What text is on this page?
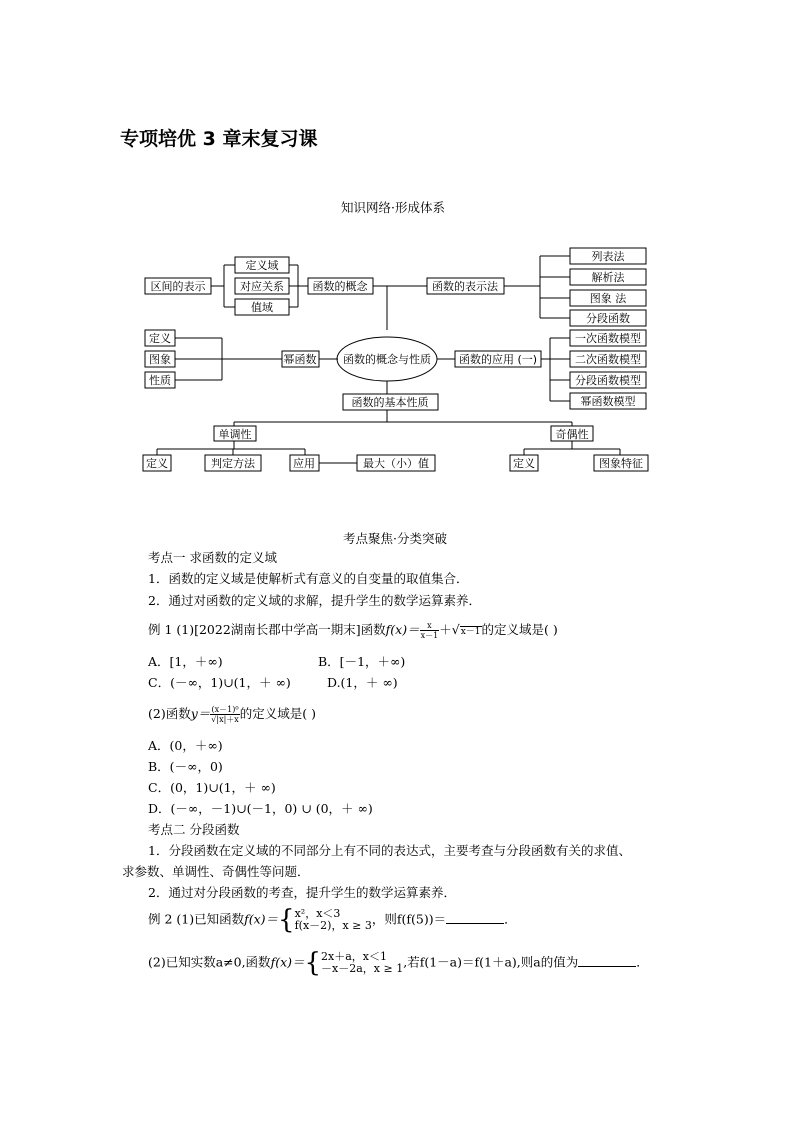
专项培优 3 章末复习课
知识网络·形成体系
区间的表示
定义域
对应关系
值域
函数的概念	函数的表示法
列表法
解析法
图象 法
分段函数
定义
图象
性质
幂函数 函数的概念与性质	函数的应用 (一)
一次函数模型
二次函数模型
分段函数模型
幂函数模型
函数的基本性质
单调性	奇偶性
定义	判定方法	应用	最大（小）值	定义	图象特征
考点聚焦·分类突破
考点一 求函数的定义域
1．函数的定义域是使解析式有意义的自变量的取值集合．
2．通过对函数的定义域的求解，提升学生的数学运算素养．
例 1 (1)[2022湖南长郡中学高一期末]函数$f(x)= \frac{x}{x-1} +√x-1$的定义域是( )
A．[1，＋∞)	B．[－1，＋∞)
C．(－∞，1)∪(1，＋ ∞)	D.(1，＋ ∞)
(2)函数$y= \frac{\text{(x－1)⁰}}{√|x|+x}$ 的定义域是( )
A．(0，＋∞)
B．(－∞，0)
C．(0，1)∪(1，＋ ∞)
D．(－∞，－1)∪(－1，0) ∪ (0，＋ ∞)
考点二 分段函数
1．分段函数在定义域的不同部分上有不同的表达式，主要考查与分段函数有关的求值、
求参数、单调性、奇偶性等问题．
2．通过对分段函数的考查，提升学生的数学运算素养．
例 2 (1)已知函数f(x)＝{x²，x＜3
f(x－2)，x ≥ 3，则f(f(5))＝	．
(2)已知实数a≠0,函数f(x)＝{2x＋a，x＜1
－x－2a，x ≥ 1,若f(1－a)＝f(1＋a),则a的值为	．
